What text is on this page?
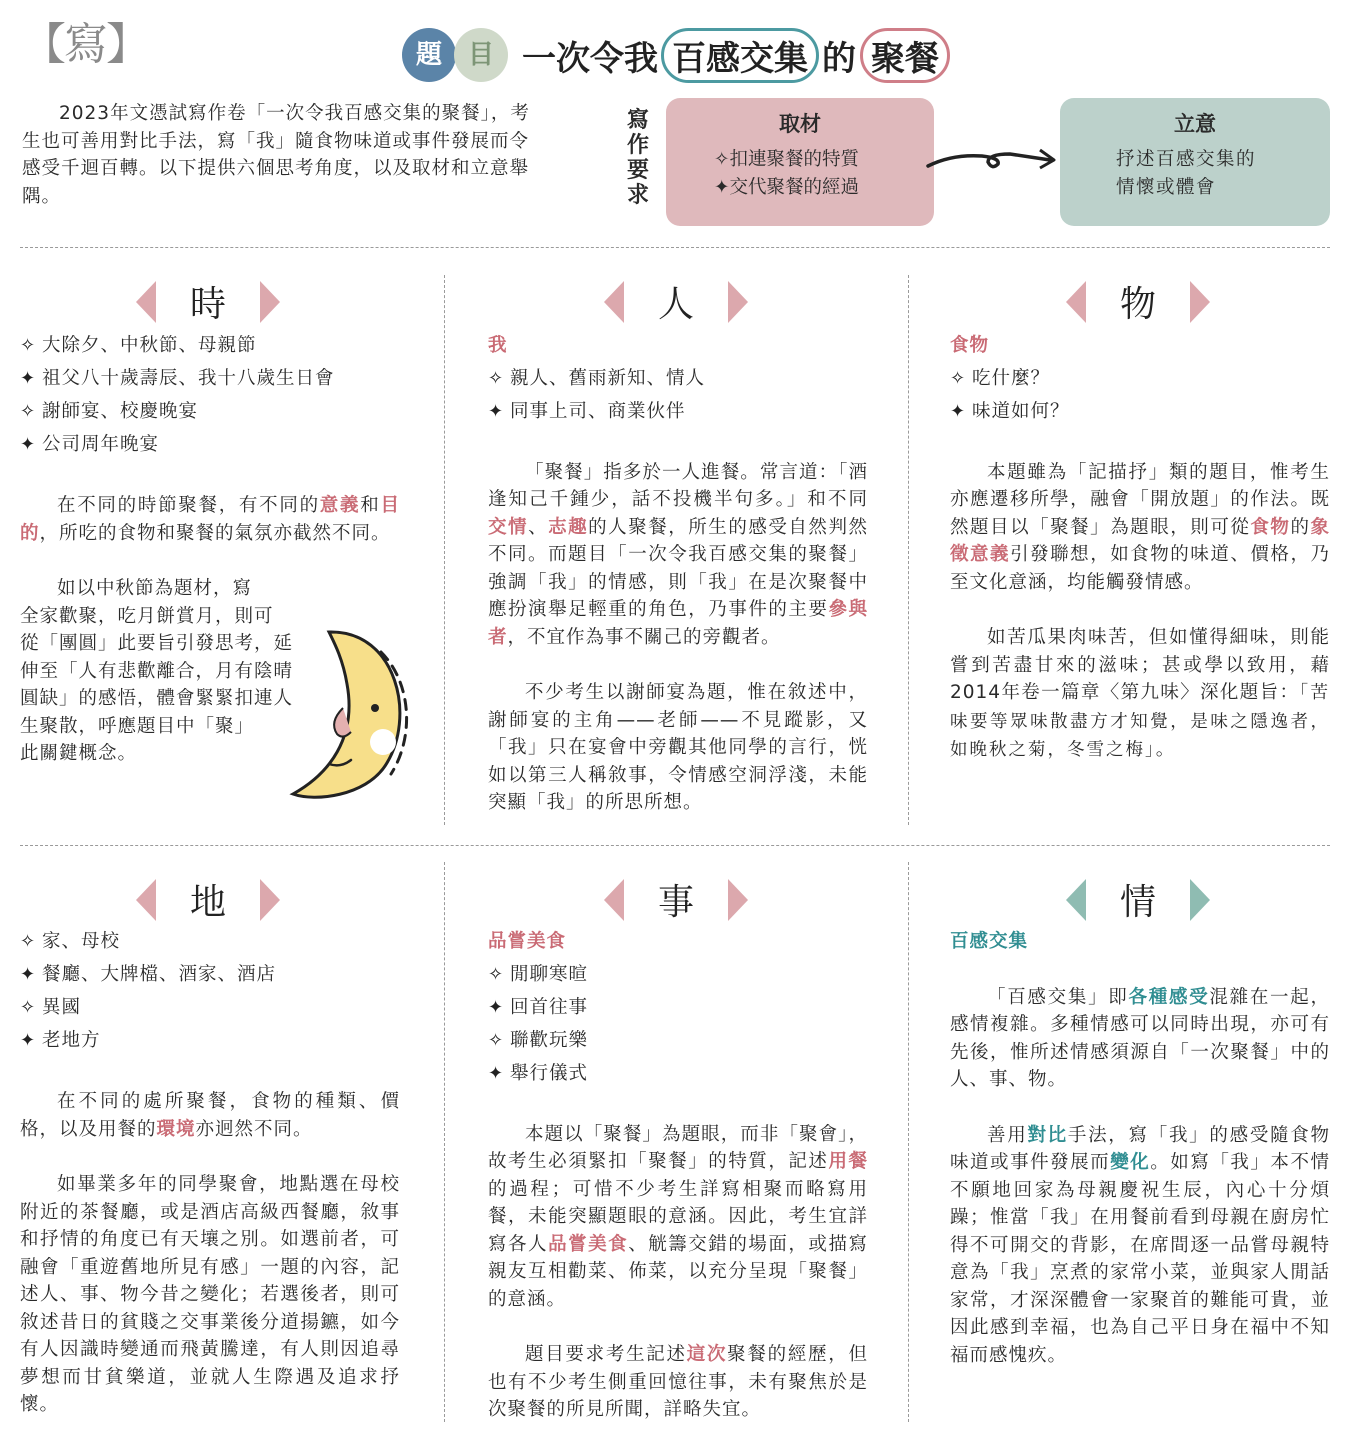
【寫】	題 目 一次令我 百感交集 的 聚餐
2023年文憑試寫作卷「一次令我百感交集的聚餐」，考生也可善用對比手法，寫「我」隨食物味道或事件發展而令感受千迴百轉。以下提供六個思考角度，以及取材和立意舉隅。
寫作要求
取材
✧扣連聚餐的特質
✦交代聚餐的經過
立意
抒述百感交集的
情懷或體會
時
✧ 大除夕、中秋節、母親節
✦ 祖父八十歲壽辰、我十八歲生日會
✧ 謝師宴、校慶晚宴
✦ 公司周年晚宴

在不同的時節聚餐，有不同的意義和目的，所吃的食物和聚餐的氣氛亦截然不同。

如以中秋節為題材，寫
全家歡聚，吃月餅賞月，則可
從「團圓」此要旨引發思考，延
伸至「人有悲歡離合，月有陰晴
圓缺」的感悟，體會緊緊扣連人
生聚散，呼應題目中「聚」
此關鍵概念。
人
我
✧ 親人、舊雨新知、情人
✦ 同事上司、商業伙伴

「聚餐」指多於一人進餐。常言道：「酒逢知己千鍾少，話不投機半句多。」和不同交情、志趣的人聚餐，所生的感受自然判然不同。而題目「一次令我百感交集的聚餐」強調「我」的情感，則「我」在是次聚餐中應扮演舉足輕重的角色，乃事件的主要參與者，不宜作為事不關己的旁觀者。

不少考生以謝師宴為題，惟在敘述中，謝師宴的主角——老師——不見蹤影，又「我」只在宴會中旁觀其他同學的言行，恍如以第三人稱敘事，令情感空洞浮淺，未能突顯「我」的所思所想。

物
食物
✧ 吃什麼？
✦ 味道如何？

本題雖為「記描抒」類的題目，惟考生亦應遷移所學，融會「開放題」的作法。既然題目以「聚餐」為題眼，則可從食物的象徵意義引發聯想，如食物的味道、價格，乃至文化意涵，均能觸發情感。

如苦瓜果肉味苦，但如懂得細味，則能嘗到苦盡甘來的滋味；甚或學以致用，藉2014年卷一篇章〈第九味〉深化題旨：「苦味要等眾味散盡方才知覺，是味之隱逸者，如晚秋之菊，冬雪之梅」。

地
✧ 家、母校
✦ 餐廳、大牌檔、酒家、酒店
✧ 異國
✦ 老地方

在不同的處所聚餐，食物的種類、價格，以及用餐的環境亦迥然不同。

如畢業多年的同學聚會，地點選在母校附近的茶餐廳，或是酒店高級西餐廳，敘事和抒情的角度已有天壤之別。如選前者，可融會「重遊舊地所見有感」一題的內容，記述人、事、物今昔之變化；若選後者，則可敘述昔日的貧賤之交事業後分道揚鑣，如今有人因識時變通而飛黃騰達，有人則因追尋夢想而甘貧樂道，並就人生際遇及追求抒懷。

事
品嘗美食
✧ 閒聊寒暄
✦ 回首往事
✧ 聯歡玩樂
✦ 舉行儀式

本題以「聚餐」為題眼，而非「聚會」，故考生必須緊扣「聚餐」的特質，記述用餐的過程；可惜不少考生詳寫相聚而略寫用餐，未能突顯題眼的意涵。因此，考生宜詳寫各人品嘗美食、觥籌交錯的場面，或描寫親友互相勸菜、佈菜，以充分呈現「聚餐」的意涵。

題目要求考生記述這次聚餐的經歷，但也有不少考生側重回憶往事，未有聚焦於是次聚餐的所見所聞，詳略失宜。

情
百感交集

「百感交集」即各種感受混雜在一起，感情複雜。多種情感可以同時出現，亦可有先後，惟所述情感須源自「一次聚餐」中的人、事、物。

善用對比手法，寫「我」的感受隨食物味道或事件發展而變化。如寫「我」本不情不願地回家為母親慶祝生辰，內心十分煩躁；惟當「我」在用餐前看到母親在廚房忙得不可開交的背影，在席間逐一品嘗母親特意為「我」烹煮的家常小菜，並與家人閒話家常，才深深體會一家聚首的難能可貴，並因此感到幸福，也為自己平日身在福中不知福而感愧疚。
